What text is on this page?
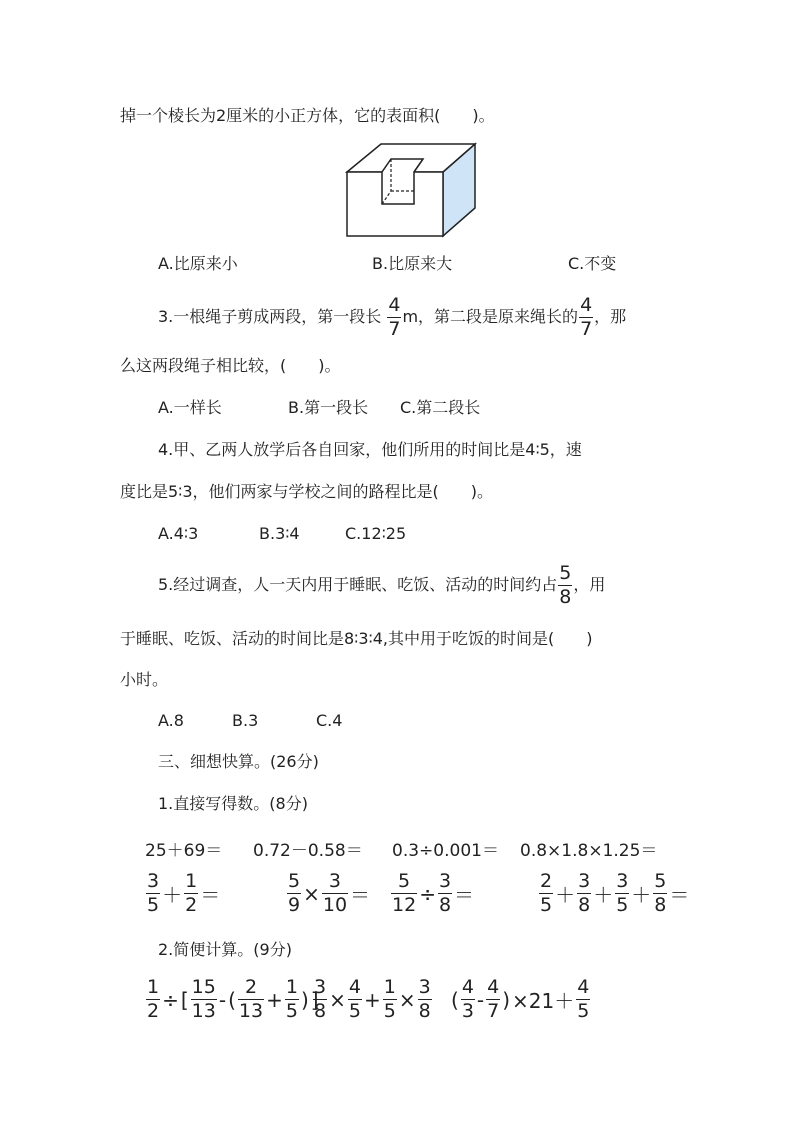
掉一个棱长为2厘米的小正方体，它的表面积(　　)。
A.比原来小	B.比原来大	C.不变
3.一根绳子剪成两段，第一段长 $\frac{4}{7}$ m，第二段是原来绳长的 $\frac{4}{7}$ ，那
么这两段绳子相比较，(　　)。
A.一样长	B.第一段长 C.第二段长
4.甲、乙两人放学后各自回家，他们所用的时间比是4∶5，速
度比是5∶3，他们两家与学校之间的路程比是(　　)。
A.4∶3	B.3∶4	C.12∶25
5.经过调查，人一天内用于睡眠、吃饭、活动的时间约占 $\frac{5}{8}$ ，用
于睡眠、吃饭、活动的时间比是8∶3∶4,其中用于吃饭的时间是(　　)
小时。
A.8	B.3	C.4
三、细想快算。(26分)
1.直接写得数。(8分)
25＋69＝ 0.72－0.58＝ 0.3÷0.001＝ 0.8×1.8×1.25＝
$\frac{3}{5} + \frac{1}{2}$ ＝	$\frac{5}{9} \times \frac{3}{10} = \frac{5}{12} \div \frac{3}{8}$ ＝	$\frac{2}{5} + \frac{3}{8} + \frac{3}{5} + \frac{5}{8}$ ＝
2.简便计算。(9分)
$\frac{1}{2}$ ÷ [ $\frac{15}{13}$ - ( $\frac{2}{13} + \frac{1}{5}$ ) ]
$\frac{3}{8} \times \frac{4}{5} + \frac{1}{5} \times \frac{3}{8}$ ( $\frac{4}{3} - \frac{4}{7}$ ) $\times 21+ \frac{4}{5}$
